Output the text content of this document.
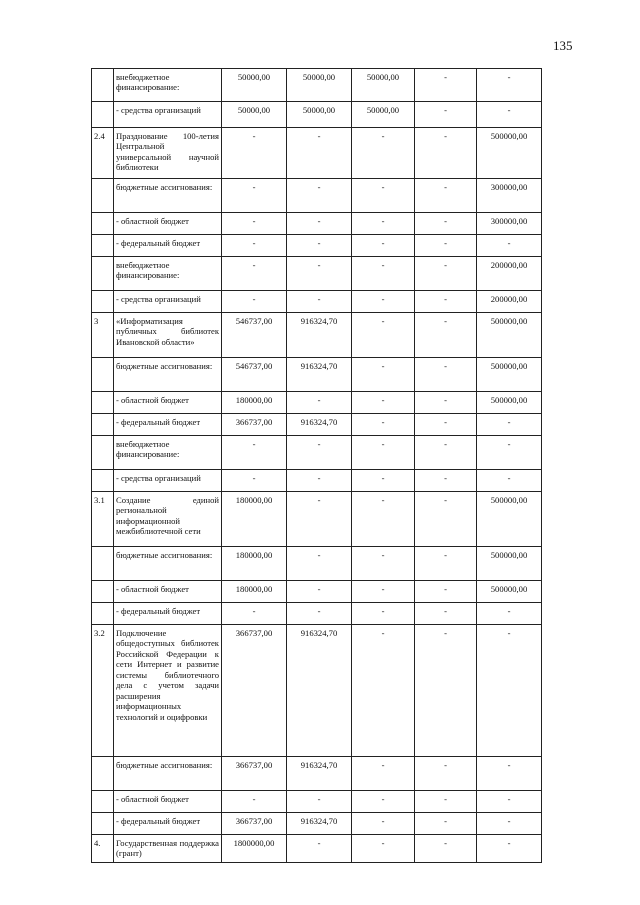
135
	внебюджетное финансирование:	50000,00	50000,00	50000,00	-	-
	- средства организаций	50000,00	50000,00	50000,00	-	-
2.4	Празднование 100-летия Центральной универсальной научной библиотеки	-	-	-	-	500000,00
	бюджетные ассигнования:	-	-	-	-	300000,00
	- областной бюджет	-	-	-	-	300000,00
	- федеральный бюджет	-	-	-	-	-
	внебюджетное финансирование:	-	-	-	-	200000,00
	- средства организаций	-	-	-	-	200000,00
3	«Информатизация публичных библиотек Ивановской области»	546737,00	916324,70	-	-	500000,00
	бюджетные ассигнования:	546737,00	916324,70	-	-	500000,00
	- областной бюджет	180000,00	-	-	-	500000,00
	- федеральный бюджет	366737,00	916324,70	-	-	-
	внебюджетное финансирование:	-	-	-	-	-
	- средства организаций	-	-	-	-	-
3.1	Создание единой региональной информационной межбиблиотечной сети	180000,00	-	-	-	500000,00
	бюджетные ассигнования:	180000,00	-	-	-	500000,00
	- областной бюджет	180000,00	-	-	-	500000,00
	- федеральный бюджет	-	-	-	-	-
3.2	Подключение общедоступных библиотек Российской Федерации к сети Интернет и развитие системы библиотечного дела с учетом задачи расширения информационных технологий и оцифровки	366737,00	916324,70	-	-	-
	бюджетные ассигнования:	366737,00	916324,70	-	-	-
	- областной бюджет	-	-	-	-	-
	- федеральный бюджет	366737,00	916324,70	-	-	-
4.	Государственная поддержка (грант)	1800000,00	-	-	-	-
